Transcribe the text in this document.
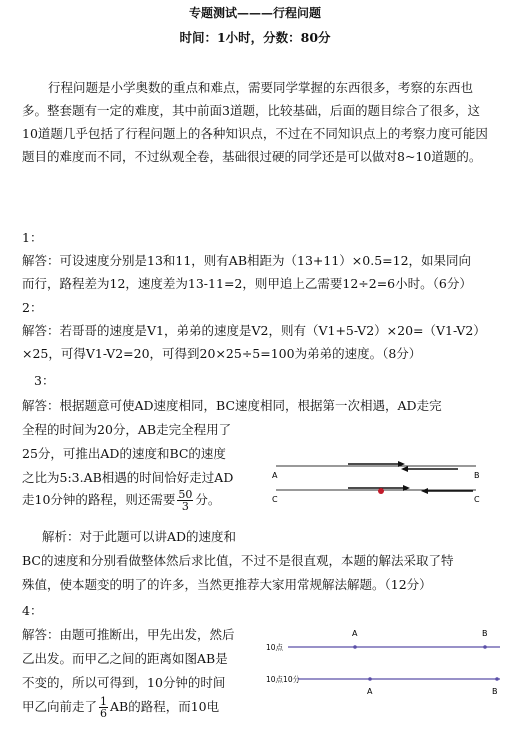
专题测试———行程问题
时间：1小时，分数：80分
行程问题是小学奥数的重点和难点，需要同学掌握的东西很多，考察的东西也多。整套题有一定的难度，其中前面3道题，比较基础，后面的题目综合了很多，这10道题几乎包括了行程问题上的各种知识点，不过在不同知识点上的考察力度可能因题目的难度而不同，不过纵观全卷，基础很过硬的同学还是可以做对8~10道题的。
1：
解答：可设速度分别是13和11，则有AB相距为（13+11）×0.5=12，如果同向
而行，路程差为12，速度差为13-11=2，则甲追上乙需要12÷2=6小时。（6分）
2：
解答：若哥哥的速度是V1，弟弟的速度是V2，则有（V1+5-V2）×20=（V1-V2）
×25，可得V1-V2=20，可得到20×25÷5=100为弟弟的速度。（8分）
3：
解答：根据题意可使AD速度相同，BC速度相同，根据第一次相遇，AD走完
全程的时间为20分，AB走完全程用了
25分，可推出AD的速度和BC的速度
之比为5:3.AB相遇的时间恰好走过AD
走10分钟的路程，则还需要 $\frac{50}{3}$ 分。
A	B
C	C
解析：对于此题可以讲AD的速度和
BC的速度和分别看做整体然后求比值，不过不是很直观，本题的解法采取了特
殊值，使本题变的明了的许多，当然更推荐大家用常规解法解题。（12分）
4：
解答：由题可推断出，甲先出发，然后
乙出发。而甲乙之间的距离如图AB是
不变的，所以可得到，10分钟的时间
甲乙向前走了 $\frac{1}{6}$ AB的路程，而10电
A	B
10点
10点10分
A	B
